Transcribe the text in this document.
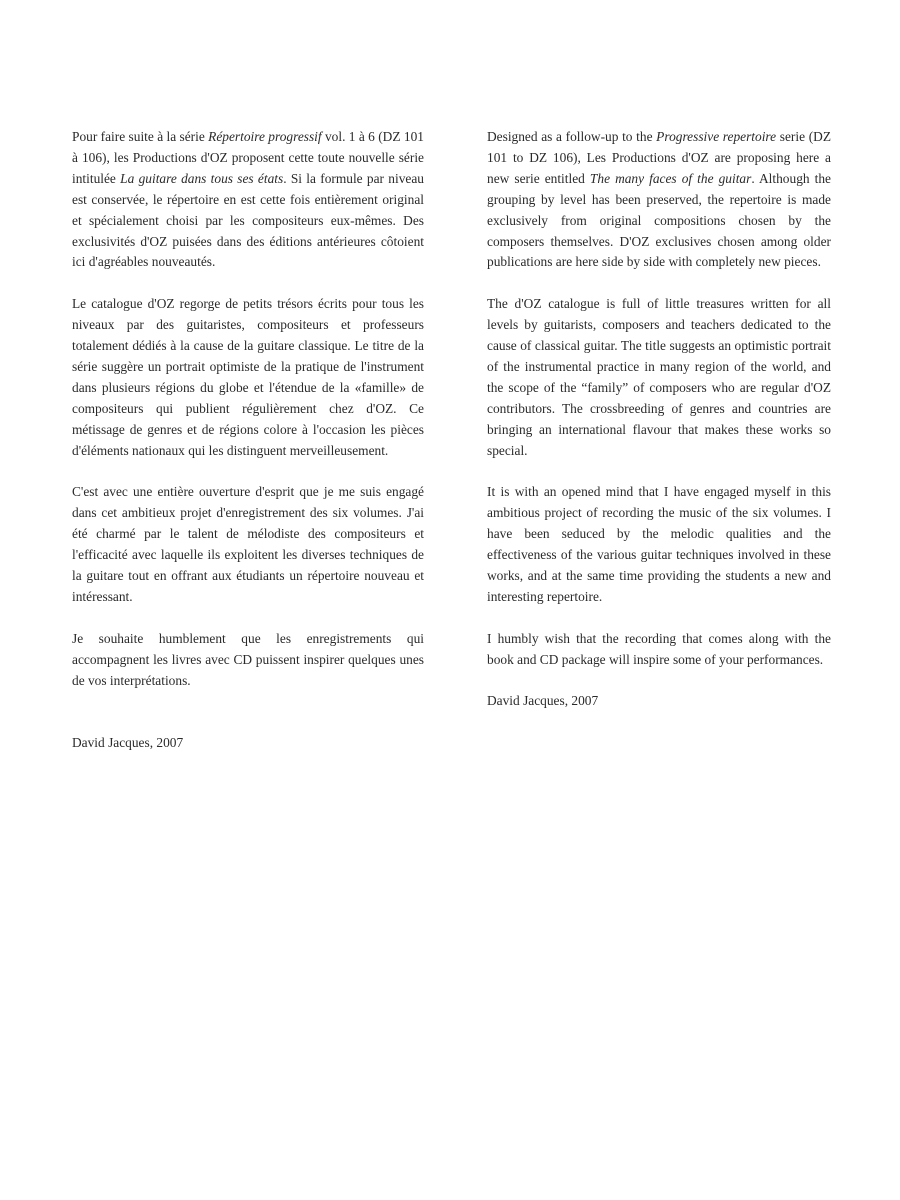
Pour faire suite à la série Répertoire progressif vol. 1 à 6 (DZ 101 à 106), les Productions d'OZ proposent cette toute nouvelle série intitulée La guitare dans tous ses états. Si la formule par niveau est conservée, le répertoire en est cette fois entièrement original et spécialement choisi par les compositeurs eux-mêmes. Des exclusivités d'OZ puisées dans des éditions antérieures côtoient ici d'agréables nouveautés.

Le catalogue d'OZ regorge de petits trésors écrits pour tous les niveaux par des guitaristes, compositeurs et professeurs totalement dédiés à la cause de la guitare classique. Le titre de la série suggère un portrait optimiste de la pratique de l'instrument dans plusieurs régions du globe et l'étendue de la «famille» de compositeurs qui publient régulièrement chez d'OZ. Ce métissage de genres et de régions colore à l'occasion les pièces d'éléments nationaux qui les distinguent merveilleusement.

C'est avec une entière ouverture d'esprit que je me suis engagé dans cet ambitieux projet d'enregistrement des six volumes. J'ai été charmé par le talent de mélodiste des compositeurs et l'efficacité avec laquelle ils exploitent les diverses techniques de la guitare tout en offrant aux étudiants un répertoire nouveau et intéressant.

Je souhaite humblement que les enregistrements qui accompagnent les livres avec CD puissent inspirer quelques unes de vos interprétations.

David Jacques, 2007

Designed as a follow-up to the Progressive repertoire serie (DZ 101 to DZ 106), Les Productions d'OZ are proposing here a new serie entitled The many faces of the guitar. Although the grouping by level has been preserved, the repertoire is made exclusively from original compositions chosen by the composers themselves. D'OZ exclusives chosen among older publications are here side by side with completely new pieces.

The d'OZ catalogue is full of little treasures written for all levels by guitarists, composers and teachers dedicated to the cause of classical guitar. The title suggests an optimistic portrait of the instrumental practice in many region of the world, and the scope of the “family” of composers who are regular d'OZ contributors. The crossbreeding of genres and countries are bringing an international flavour that makes these works so special.

It is with an opened mind that I have engaged myself in this ambitious project of recording the music of the six volumes. I have been seduced by the melodic qualities and the effectiveness of the various guitar techniques involved in these works, and at the same time providing the students a new and interesting repertoire.

I humbly wish that the recording that comes along with the book and CD package will inspire some of your performances.

David Jacques, 2007
